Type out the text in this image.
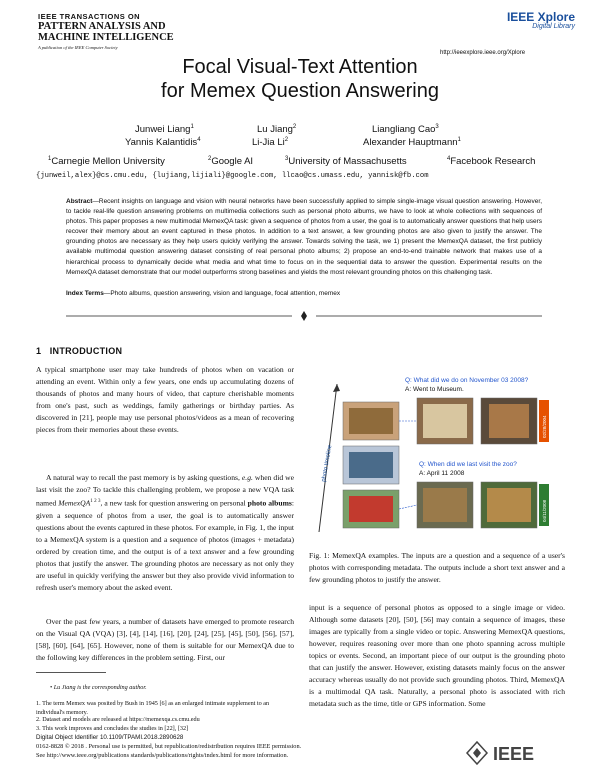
IEEE TRANSACTIONS ON
PATTERN ANALYSIS AND
MACHINE INTELLIGENCE
A publication of the IEEE Computer Society
IEEE Xplore
Digital Library
http://ieeexplore.ieee.org/Xplore
Focal Visual-Text Attention
for Memex Question Answering
Junwei Liang$^1$	Lu Jiang$^2$	Liangliang Cao$^3$
Yannis Kalantidis$^4$	Li-Jia Li$^2$	Alexander Hauptmann$^1$
$^1$Carnegie Mellon University	$^2$Google AI	$^3$University of Massachusetts	$^4$Facebook Research
{junweil,alex}@cs.cmu.edu, {lujiang,lijiali}@google.com, llcao@cs.umass.edu, yannisk@fb.com
Abstract—Recent insights on language and vision with neural networks have been successfully applied to simple single-image visual question answering. However, to tackle real-life question answering problems on multimedia collections such as personal photo albums, we have to look at whole collections with sequences of photos. This paper proposes a new multimodal MemexQA task: given a sequence of photos from a user, the goal is to automatically answer questions that help users recover their memory about an event captured in these photos. In addition to a text answer, a few grounding photos are also given to justify the answer. The grounding photos are necessary as they help users quickly verifying the answer. Towards solving the task, we 1) present the MemexQA dataset, the first publicly available multimodal question answering dataset consisting of real personal photo albums; 2) propose an end-to-end trainable network that makes use of a hierarchical process to dynamically decide what media and what time to focus on in the sequential data to answer the question. Experimental results on the MemexQA dataset demonstrate that our model outperforms strong baselines and yields the most relevant grounding photos on this challenging task.
Index Terms—Photo albums, question answering, vision and language, focal attention, memex
1 INTRODUCTION
A typical smartphone user may take hundreds of photos when on vacation or attending an event. Within only a few years, one ends up accumulating dozens of thousands of photos and many hours of video, that capture cherishable moments from one's past, such as weddings, family gatherings or birthday parties. As discovered in [21], people may use personal photos/videos as a mean of recovering pieces from their memories about these events.
A natural way to recall the past memory is by asking questions, e.g. when did we last visit the zoo? To tackle this challenging problem, we propose a new VQA task named MemexQA$^{1 2 3}$, a new task for question answering on personal photo albums: given a sequence of photos from a user, the goal is to automatically answer questions about the events captured in these photos. For example, in Fig. 1, the input to a MemexQA system is a question and a sequence of photos (images + metadata) ordered by creation time, and the output is of a text answer and a few grounding photos that justify the answer. The grounding photos are necessary as not only they are useful in quickly verifying the answer but they also provide vivid information to refresh user's memory about the asked event.
Over the past few years, a number of datasets have emerged to promote research on the Visual QA (VQA) [3], [4], [14], [16], [20], [24], [25], [45], [50], [56], [57], [58], [60], [64], [65]. However, none of them is suitable for our MemexQA due to the following key differences in the problem setting. First, our
• Lu Jiang is the corresponding author.
1. The term Memex was posited by Bush in 1945 [6] as an enlarged intimate supplement to an individual's memory.
2. Dataset and models are released at https://memexqa.cs.cmu.edu
3. This work improves and concludes the studies in [22], [32]
Digital Object Identifier 10.1109/TPAMI.2018.2890628
photo timeline
02/28/2004
04/11/2008
Q: What did we do on November 03 2008?
A: Went to Museum.
Q: When did we last visit the zoo?
A: April 11 2008
Fig. 1: MemexQA examples. The inputs are a question and a sequence of a user's photos with corresponding metadata. The outputs include a short text answer and a few grounding photos to justify the answer.
input is a sequence of personal photos as opposed to a single image or video. Although some datasets [20], [50], [56] may contain a sequence of images, these images are typically from a single video or topic. Answering MemexQA questions, however, requires reasoning over more than one photo spanning across multiple topics or events. Second, an important piece of our output is the grounding photo that can justify the answer. However, existing datasets mainly focus on the answer accuracy whereas usually do not provide such grounding photos. Third, MemexQA is a multimodal QA task. Naturally, a personal photo is associated with rich metadata such as the time, title or GPS information. Some
0162-8828 © 2018 . Personal use is permitted, but republication/redistribution requires IEEE permission.
See http://www.ieee.org/publications standards/publications/rights/index.html for more information.	IEEE
